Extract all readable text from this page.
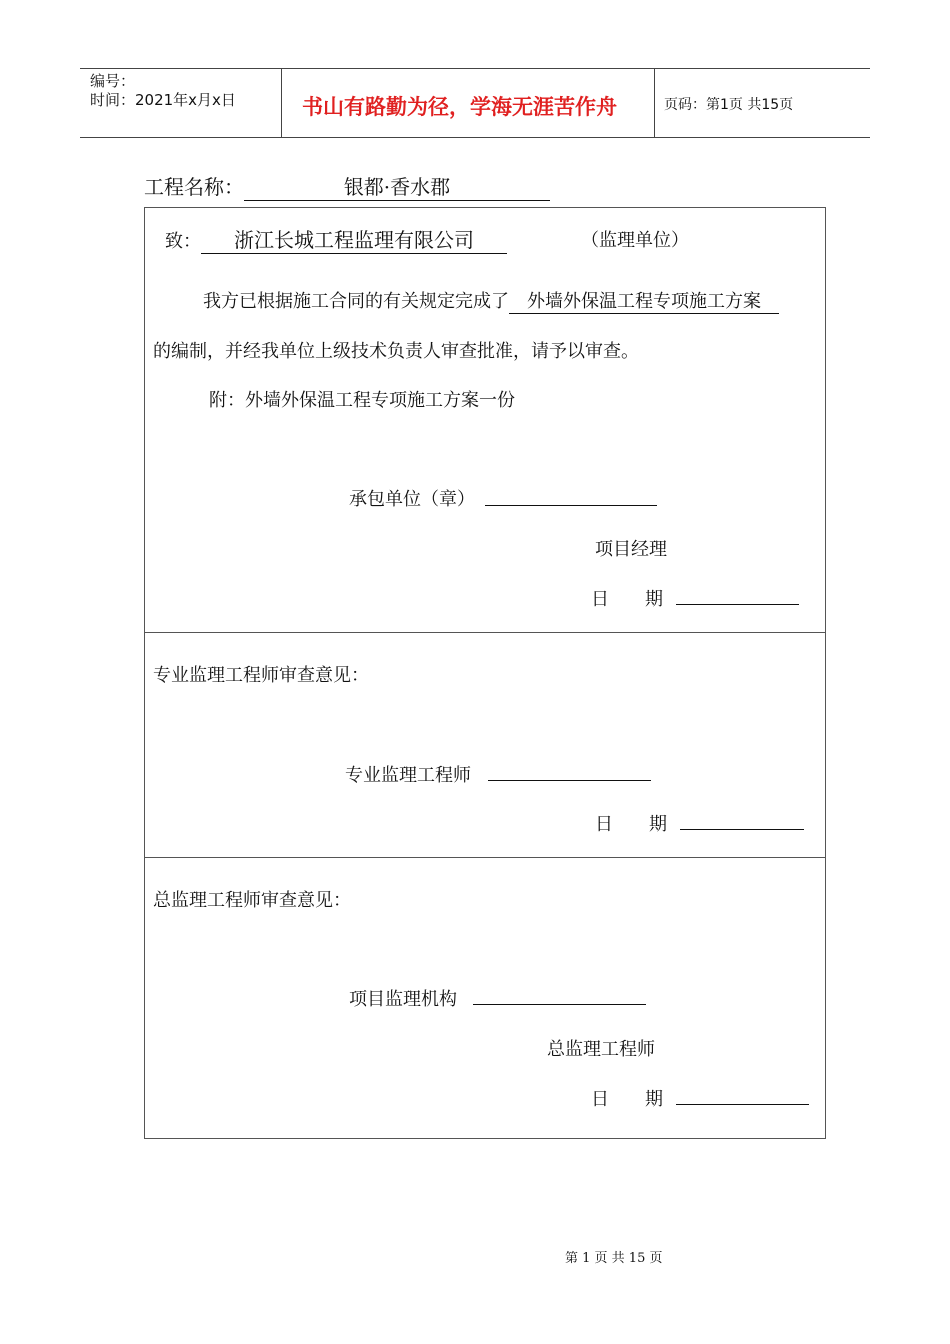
编号：
时间：2021年x月x日	书山有路勤为径，学海无涯苦作舟	页码：第1页 共15页
工程名称：	银都·香水郡
致： 浙江长城工程监理有限公司	（监理单位）
我方已根据施工合同的有关规定完成了 外墙外保温工程专项施工方案
的编制，并经我单位上级技术负责人审查批准，请予以审查。
附：外墙外保温工程专项施工方案一份
承包单位（章）
项目经理
日　　期
专业监理工程师审查意见：
专业监理工程师
日　　期
总监理工程师审查意见：
项目监理机构
总监理工程师
日　　期
第 1 页 共 15 页
